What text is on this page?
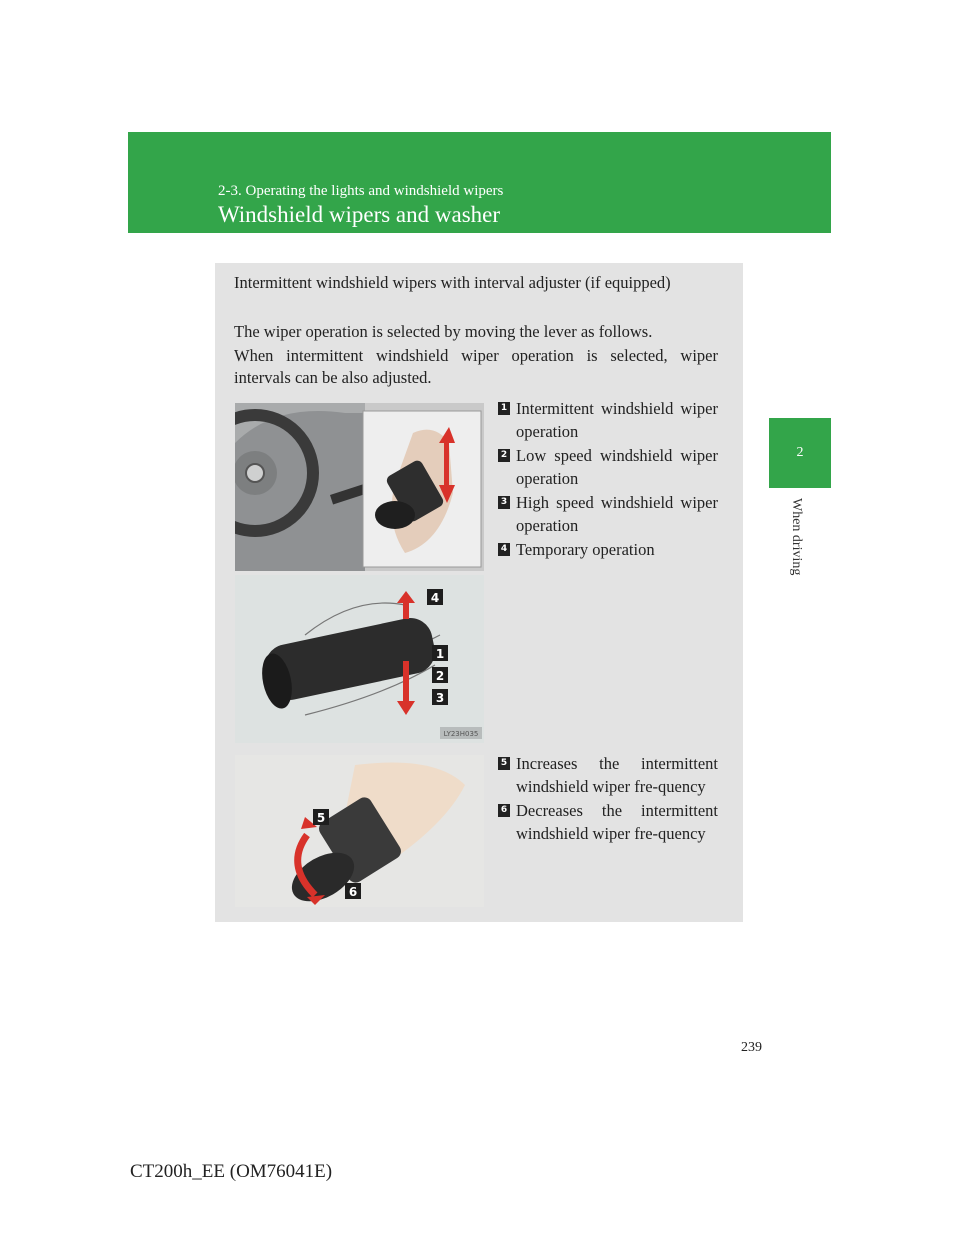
2-3. Operating the lights and windshield wipers
Windshield wipers and washer
2
When driving

Intermittent windshield wipers with interval adjuster (if equipped)

The wiper operation is selected by moving the lever as follows.

When intermittent windshield wiper operation is selected, wiper intervals can be also adjusted.

4
1
2
3
LY23H035
1 Intermittent windshield wiper operation
2 Low speed windshield wiper operation
3 High speed windshield wiper operation
4 Temporary operation
5
6
5 Increases the intermittent windshield wiper fre-quency
6 Decreases the intermittent windshield wiper fre-quency
239
CT200h_EE (OM76041E)
